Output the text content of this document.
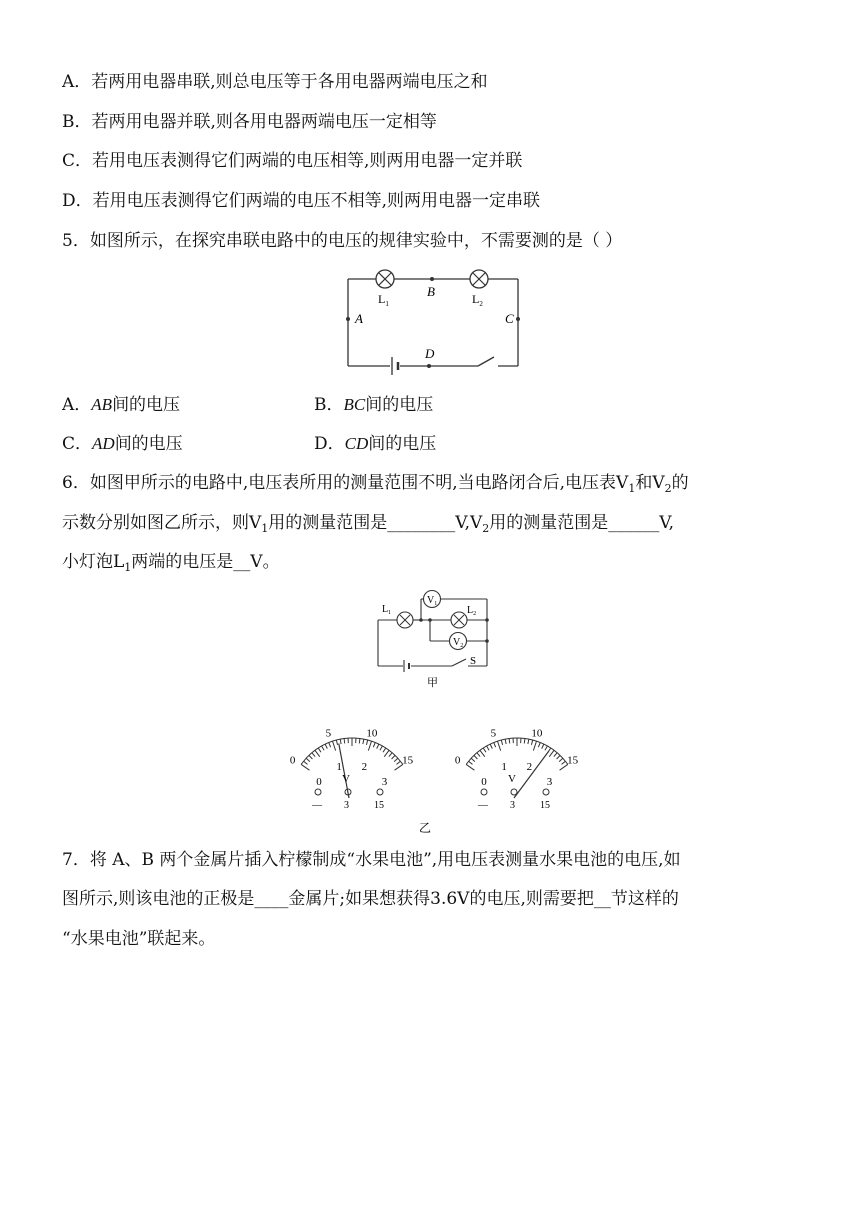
A．若两用电器串联,则总电压等于各用电器两端电压之和
B．若两用电器并联,则各用电器两端电压一定相等
C．若用电压表测得它们两端的电压相等,则两用电器一定并联
D．若用电压表测得它们两端的电压不相等,则两用电器一定串联
5．如图所示，在探究串联电路中的电压的规律实验中，不需要测的是（ ）
$L_1$	$L_2$
B
A	C
D
A．AB间的电压	B．BC间的电压
C．AD间的电压	D．CD间的电压
6．如图甲所示的电路中,电压表所用的测量范围不明,当电路闭合后,电压表$V_1$和$V_2$的
示数分别如图乙所示，则$V_1$用的测量范围是$\_\_\_\_\_\_\_\_V,V_2$用的测量范围是______V,
小灯泡$L_1$两端的电压是__V。
$V_1$
$V_2$
$L_1$	$L_2$
S
甲
0
5	10
15
0
1 2
3
V
— 3	15
0
5	10
15
0
1 2
3
V
— 3	15
乙
7．将 A、B 两个金属片插入柠檬制成“水果电池”,用电压表测量水果电池的电压,如
图所示,则该电池的正极是____金属片;如果想获得3.6V的电压,则需要把__节这样的
“水果电池”联起来。
